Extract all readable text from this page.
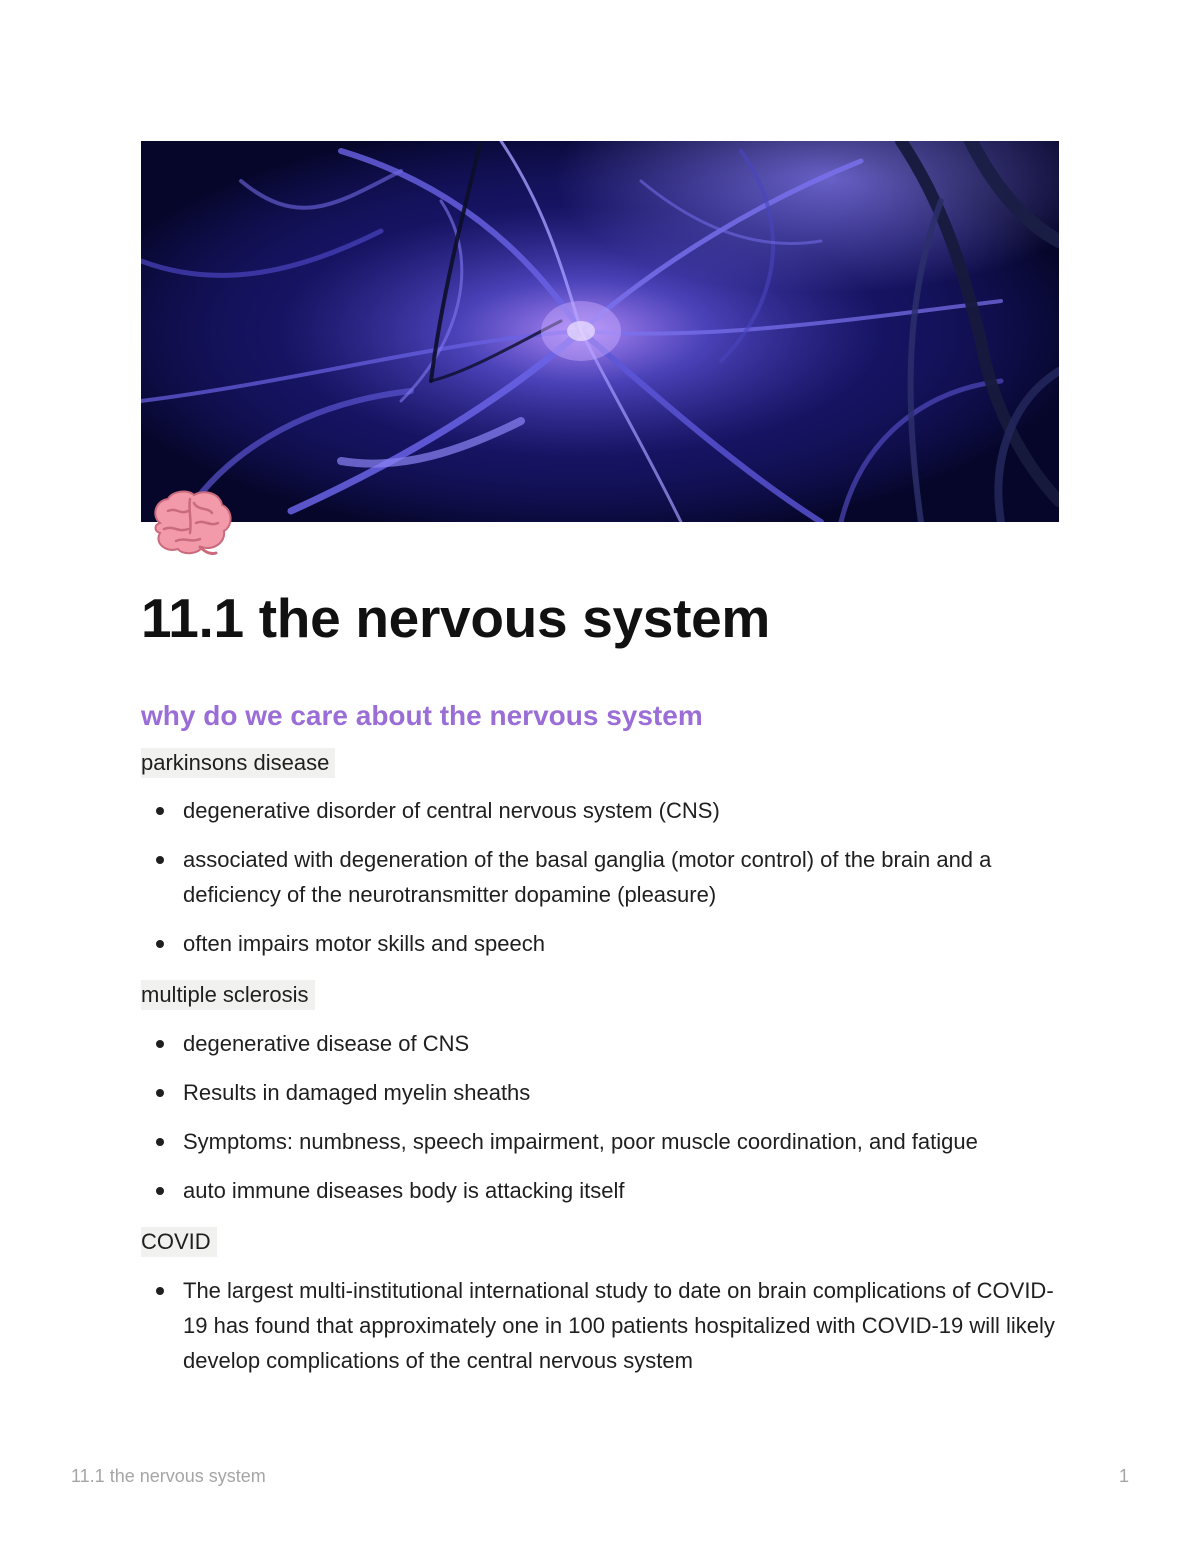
11.1 the nervous system
why do we care about the nervous system
parkinsons disease
degenerative disorder of central nervous system (CNS)
associated with degeneration of the basal ganglia (motor control) of the brain and a deficiency of the neurotransmitter dopamine (pleasure)
often impairs motor skills and speech
multiple sclerosis
degenerative disease of CNS
Results in damaged myelin sheaths
Symptoms: numbness, speech impairment, poor muscle coordination, and fatigue
auto immune diseases body is attacking itself
COVID
The largest multi-institutional international study to date on brain complications of COVID-19 has found that approximately one in 100 patients hospitalized with COVID-19 will likely develop complications of the central nervous system
11.1 the nervous system	1
